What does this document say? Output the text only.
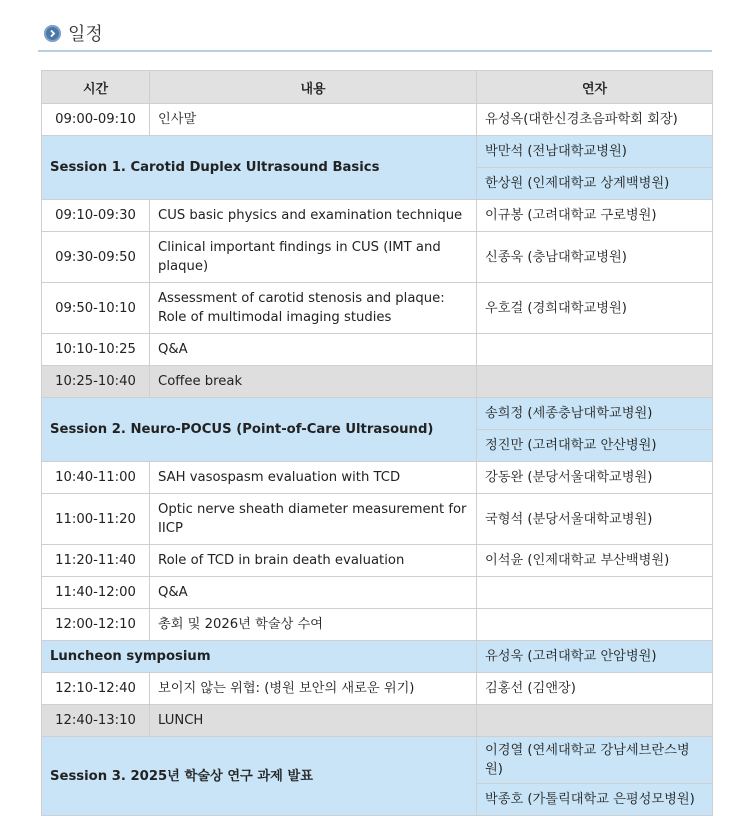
일정
시간	내용	연자
09:00-09:10	인사말	유성옥(대한신경초음파학회 회장)
Session 1. Carotid Duplex Ultrasound Basics		박만석 (전남대학교병원)
		한상원 (인제대학교 상계백병원)
09:10-09:30	CUS basic physics and examination technique	이규봉 (고려대학교 구로병원)
09:30-09:50	Clinical important findings in CUS (IMT and plaque)	신종욱 (충남대학교병원)
09:50-10:10	Assessment of carotid stenosis and plaque: Role of multimodal imaging studies	우호걸 (경희대학교병원)
10:10-10:25	Q&A	
10:25-10:40	Coffee break	
Session 2. Neuro-POCUS (Point-of-Care Ultrasound)		송희정 (세종충남대학교병원)
		정진만 (고려대학교 안산병원)
10:40-11:00	SAH vasospasm evaluation with TCD	강동완 (분당서울대학교병원)
11:00-11:20	Optic nerve sheath diameter measurement for IICP	국형석 (분당서울대학교병원)
11:20-11:40	Role of TCD in brain death evaluation	이석윤 (인제대학교 부산백병원)
11:40-12:00	Q&A	
12:00-12:10	총회 및 2026년 학술상 수여	
Luncheon symposium		유성욱 (고려대학교 안암병원)
12:10-12:40	보이지 않는 위협: (병원 보안의 새로운 위기)	김홍선 (김앤장)
12:40-13:10	LUNCH	
Session 3. 2025년 학술상 연구 과제 발표		이경열 (연세대학교 강남세브란스병원)
		박종호 (가톨릭대학교 은평성모병원)
